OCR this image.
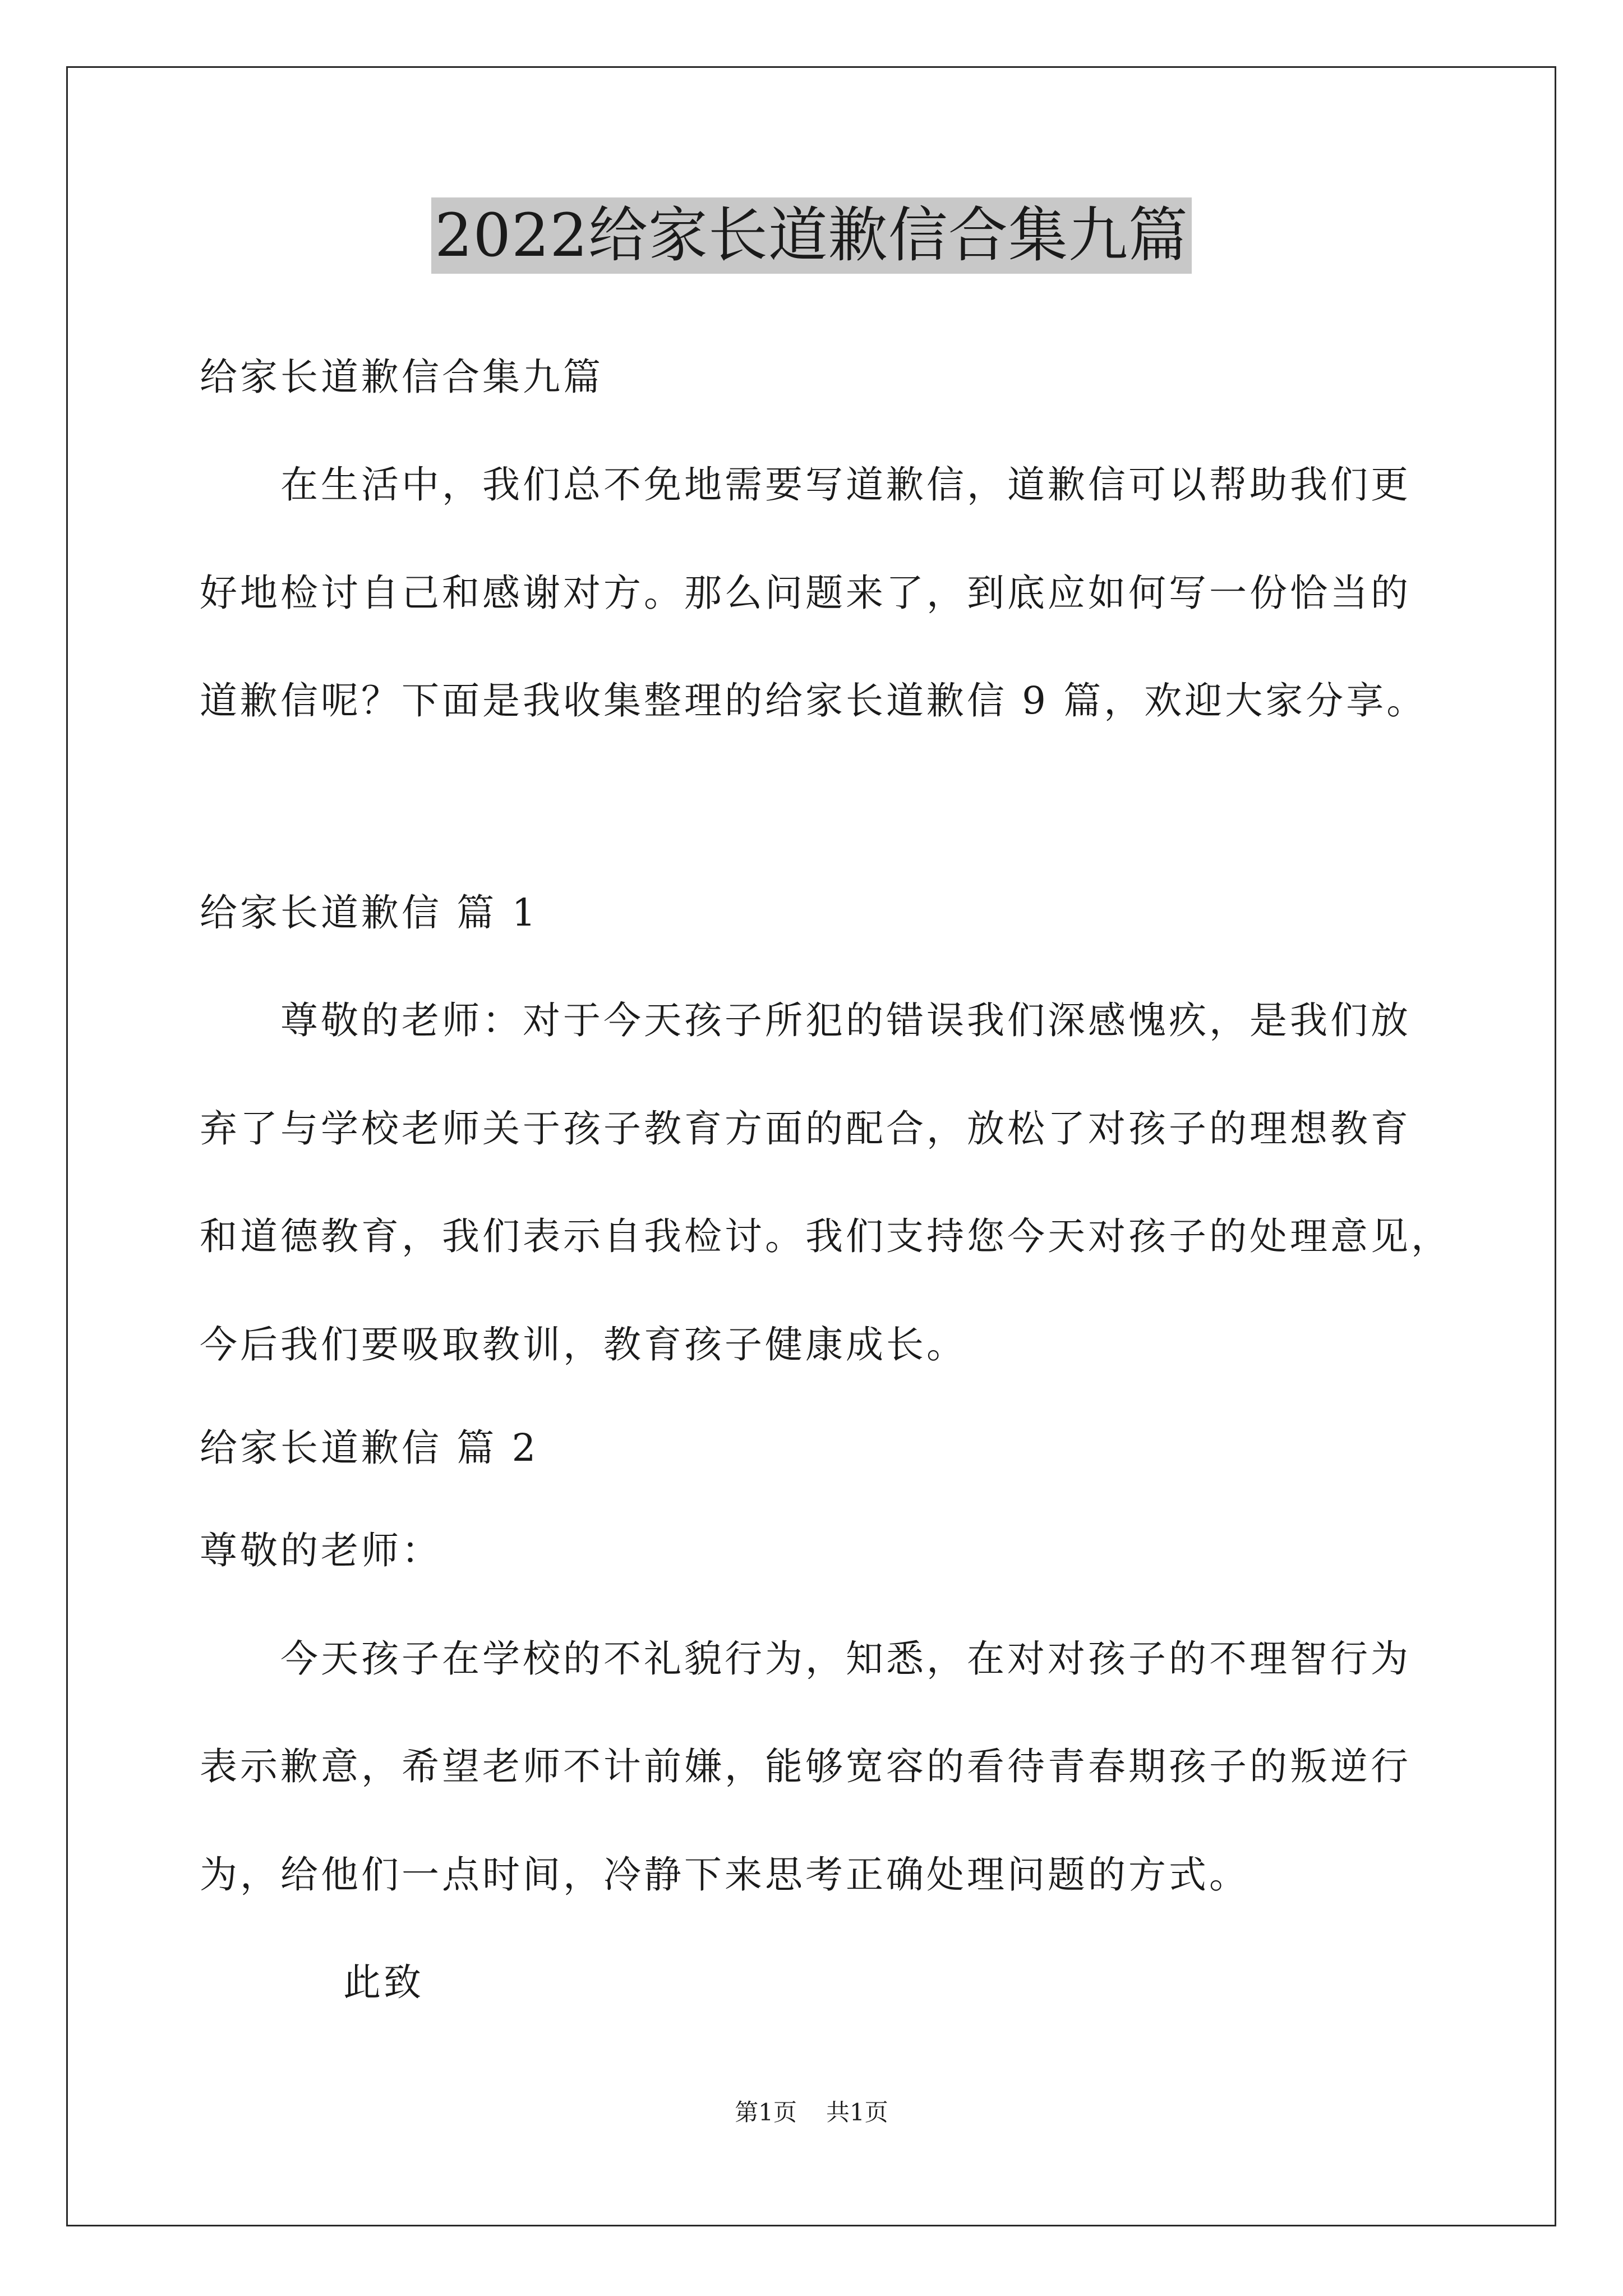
2022给家长道歉信合集九篇
给家长道歉信合集九篇
在生活中，我们总不免地需要写道歉信，道歉信可以帮助我们更
好地检讨自己和感谢对方。那么问题来了，到底应如何写一份恰当的
道歉信呢？下面是我收集整理的给家长道歉信 9 篇，欢迎大家分享。
给家长道歉信 篇 1
尊敬的老师：对于今天孩子所犯的错误我们深感愧疚，是我们放
弃了与学校老师关于孩子教育方面的配合，放松了对孩子的理想教育
和道德教育，我们表示自我检讨。我们支持您今天对孩子的处理意见，
今后我们要吸取教训，教育孩子健康成长。
给家长道歉信 篇 2
尊敬的老师：
今天孩子在学校的不礼貌行为，知悉，在对对孩子的不理智行为
表示歉意，希望老师不计前嫌，能够宽容的看待青春期孩子的叛逆行
为，给他们一点时间，冷静下来思考正确处理问题的方式。
此致
第1页 共1页
